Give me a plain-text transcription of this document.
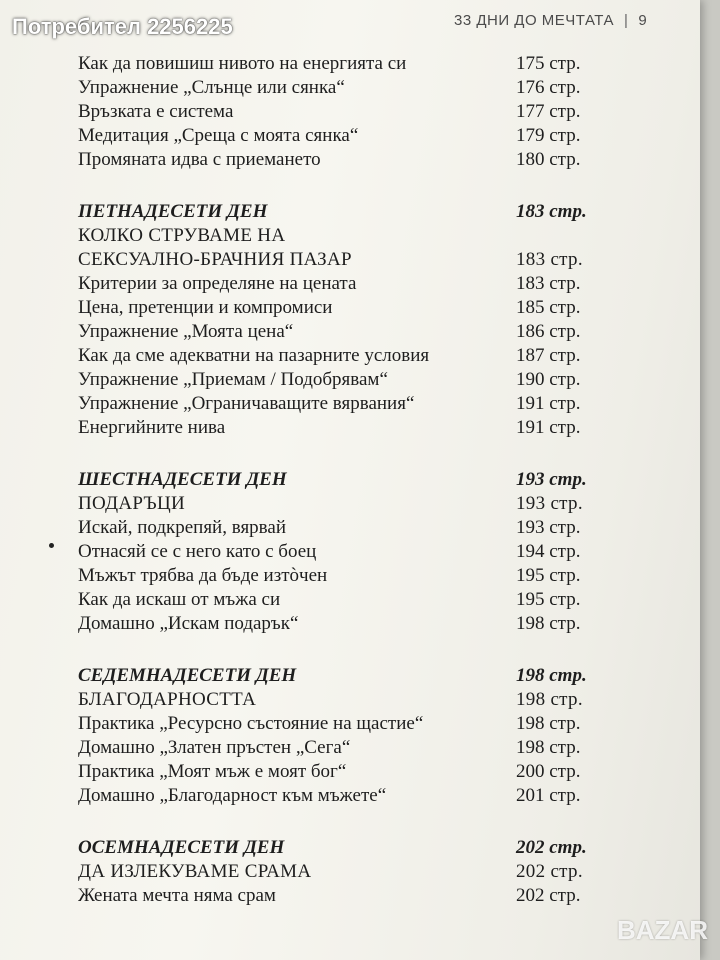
33 ДНИ ДО МЕЧТАТА | 9
Как да повишиш нивото на енергията си	175 стр.
Упражнение „Слънце или сянка“	176 стр.
Връзката е система	177 стр.
Медитация „Среща с моята сянка“	179 стр.
Промяната идва с приемането	180 стр.
ПЕТНАДЕСЕТИ ДЕН	183 стр.
КОЛКО СТРУВАМЕ НА
СЕКСУАЛНО-БРАЧНИЯ ПАЗАР	183 стр.
Критерии за определяне на цената	183 стр.
Цена, претенции и компромиси	185 стр.
Упражнение „Моята цена“	186 стр.
Как да сме адекватни на пазарните условия	187 стр.
Упражнение „Приемам / Подобрявам“	190 стр.
Упражнение „Ограничаващите вярвания“	191 стр.
Енергийните нива	191 стр.
ШЕСТНАДЕСЕТИ ДЕН	193 стр.
ПОДАРЪЦИ	193 стр.
Искай, подкрепяй, вярвай	193 стр.
Отнасяй се с него като с боец	194 стр.
Мъжът трябва да бъде изтòчен	195 стр.
Как да искаш от мъжа си	195 стр.
Домашно „Искам подарък“	198 стр.
СЕДЕМНАДЕСЕТИ ДЕН	198 стр.
БЛАГОДАРНОСТТА	198 стр.
Практика „Ресурсно състояние на щастие“	198 стр.
Домашно „Златен пръстен „Сега“	198 стр.
Практика „Моят мъж е моят бог“	200 стр.
Домашно „Благодарност към мъжете“	201 стр.
ОСЕМНАДЕСЕТИ ДЕН	202 стр.
ДА ИЗЛЕКУВАМЕ СРАМА	202 стр.
Жената мечта няма срам	202 стр.
Потребител 2256225
BAZAR
